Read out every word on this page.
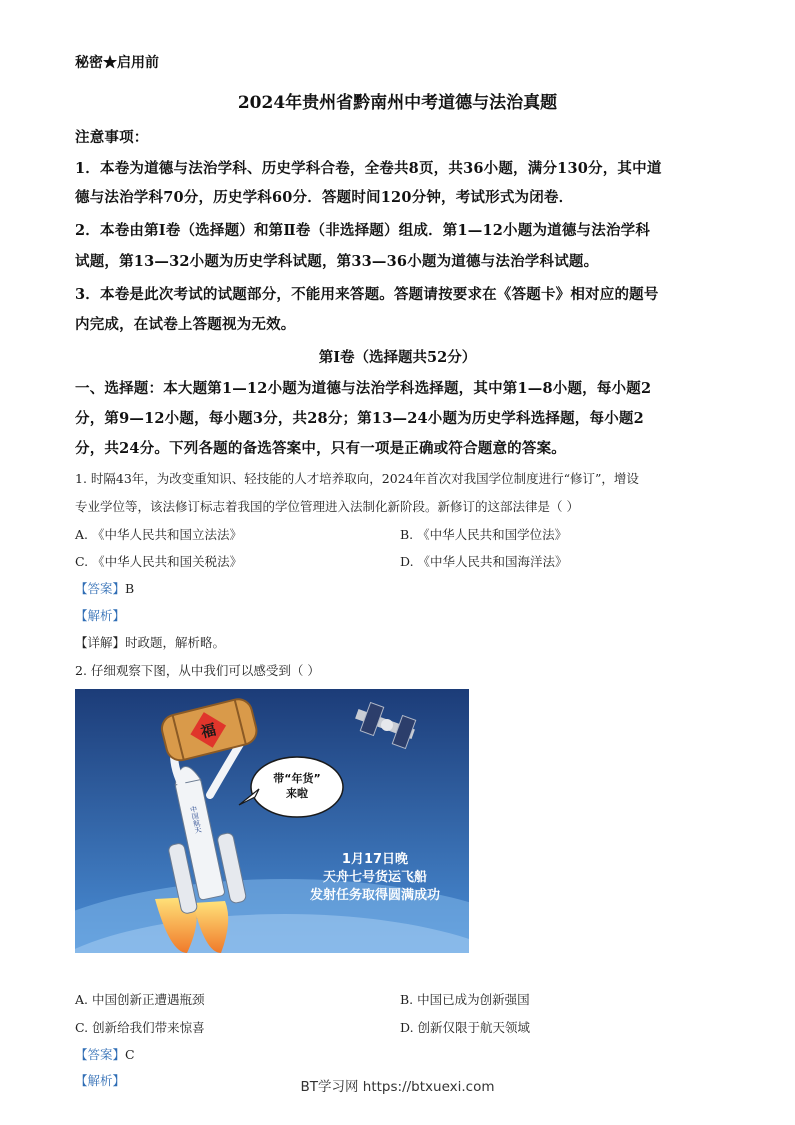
秘密★启用前
2024年贵州省黔南州中考道德与法治真题
注意事项：
1．本卷为道德与法治学科、历史学科合卷，全卷共8页，共36小题，满分130分，其中道
德与法治学科70分，历史学科60分．答题时间120分钟，考试形式为闭卷．
2．本卷由第Ⅰ卷（选择题）和第Ⅱ卷（非选择题）组成．第1—12小题为道德与法治学科
试题，第13—32小题为历史学科试题，第33—36小题为道德与法治学科试题。
3．本卷是此次考试的试题部分，不能用来答题。答题请按要求在《答题卡》相对应的题号
内完成，在试卷上答题视为无效。
第Ⅰ卷（选择题共52分）
一、选择题：本大题第1—12小题为道德与法治学科选择题，其中第1—8小题，每小题2
分，第9—12小题，每小题3分，共28分；第13—24小题为历史学科选择题，每小题2
分，共24分。下列各题的备选答案中，只有一项是正确或符合题意的答案。
1. 时隔43年，为改变重知识、轻技能的人才培养取向，2024年首次对我国学位制度进行“修订”，增设
专业学位等，该法修订标志着我国的学位管理进入法制化新阶段。新修订的这部法律是（ ）
A. 《中华人民共和国立法法》	B. 《中华人民共和国学位法》
C. 《中华人民共和国关税法》	D. 《中华人民共和国海洋法》
【答案】B
【解析】
【详解】时政题，解析略。
2. 仔细观察下图，从中我们可以感受到（ ）
中国航天
福
带“年货”
来啦
1月17日晚
天舟七号货运飞船
发射任务取得圆满成功
A. 中国创新正遭遇瓶颈	B. 中国已成为创新强国
C. 创新给我们带来惊喜	D. 创新仅限于航天领域
【答案】C
【解析】	BT学习网 https://btxuexi.com
